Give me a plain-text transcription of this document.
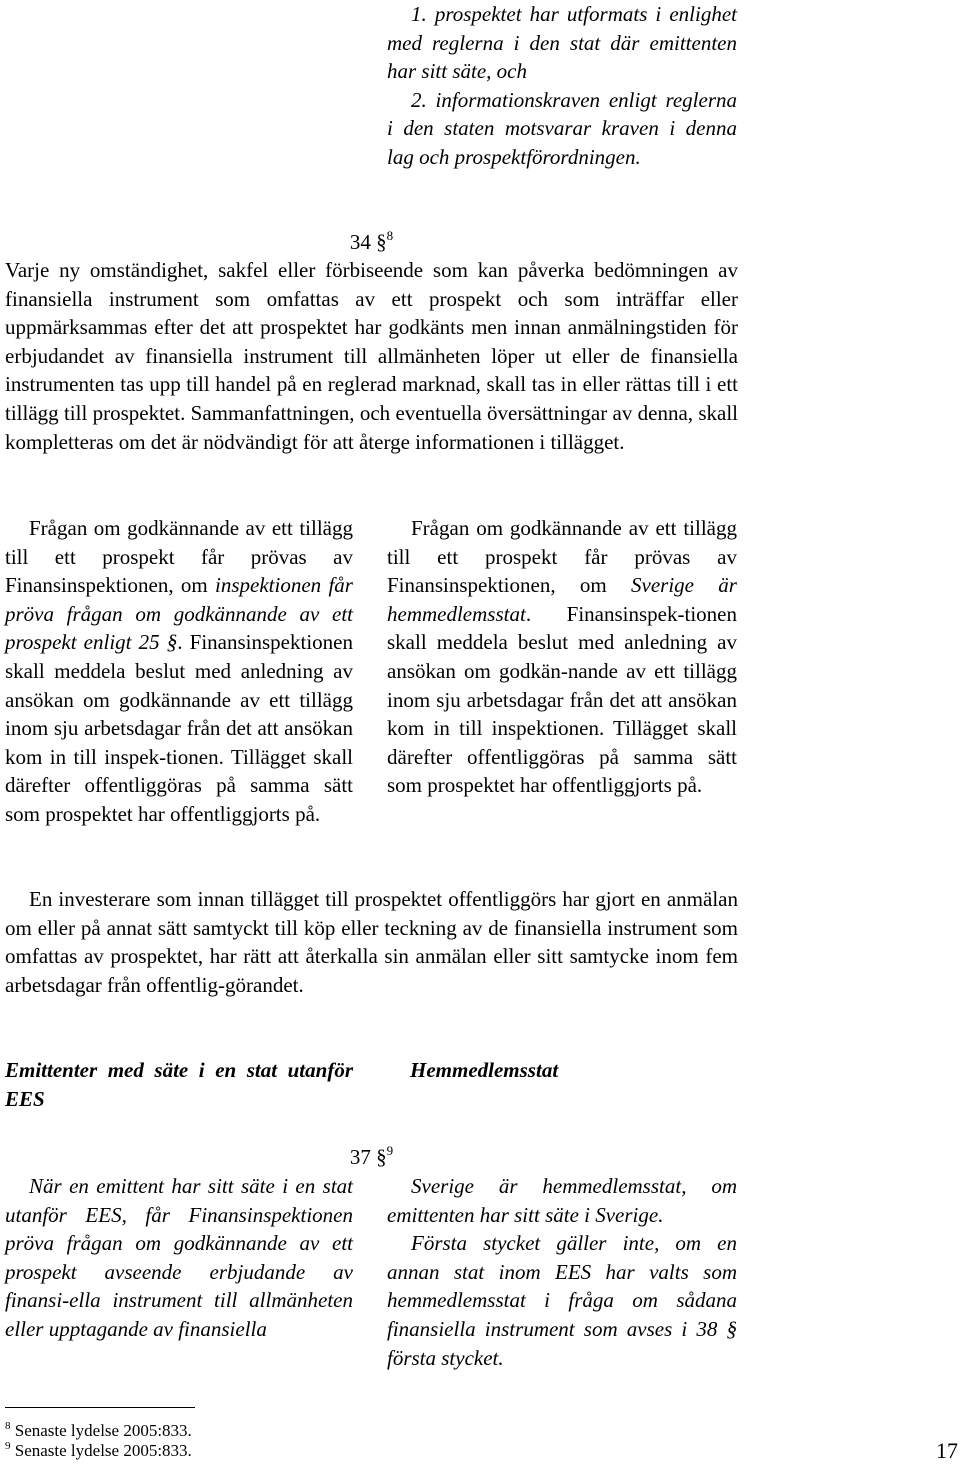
1. prospektet har utformats i enlighet med reglerna i den stat där emittenten har sitt säte, och

2. informationskraven enligt reglerna i den staten motsvarar kraven i denna lag och prospektförordningen.

34 §$^8$

Varje ny omständighet, sakfel eller förbiseende som kan påverka bedömningen av finansiella instrument som omfattas av ett prospekt och som inträffar eller uppmärksammas efter det att prospektet har godkänts men innan anmälningstiden för erbjudandet av finansiella instrument till allmänheten löper ut eller de finansiella instrumenten tas upp till handel på en reglerad marknad, skall tas in eller rättas till i ett tillägg till prospektet. Sammanfattningen, och eventuella översättningar av denna, skall kompletteras om det är nödvändigt för att återge informationen i tillägget.

Frågan om godkännande av ett tillägg till ett prospekt får prövas av Finansinspektionen, om inspektionen får pröva frågan om godkännande av ett prospekt enligt 25 §. Finansinspektionen skall meddela beslut med anledning av ansökan om godkännande av ett tillägg inom sju arbetsdagar från det att ansökan kom in till inspek-tionen. Tillägget skall därefter offentliggöras på samma sätt som prospektet har offentliggjorts på.

Frågan om godkännande av ett tillägg till ett prospekt får prövas av Finansinspektionen, om Sverige är hemmedlemsstat. Finansinspek-tionen skall meddela beslut med anledning av ansökan om godkän-nande av ett tillägg inom sju arbetsdagar från det att ansökan kom in till inspektionen. Tillägget skall därefter offentliggöras på samma sätt som prospektet har offentliggjorts på.

En investerare som innan tillägget till prospektet offentliggörs har gjort en anmälan om eller på annat sätt samtyckt till köp eller teckning av de finansiella instrument som omfattas av prospektet, har rätt att återkalla sin anmälan eller sitt samtycke inom fem arbetsdagar från offentlig-görandet.

Emittenter med säte i en stat utanför EES
Hemmedlemsstat
37 §$^9$

När en emittent har sitt säte i en stat utanför EES, får Finansinspektionen pröva frågan om godkännande av ett prospekt avseende erbjudande av finansi-ella instrument till allmänheten eller upptagande av finansiella

Sverige är hemmedlemsstat, om emittenten har sitt säte i Sverige.

Första stycket gäller inte, om en annan stat inom EES har valts som hemmedlemsstat i fråga om sådana finansiella instrument som avses i 38 § första stycket.

$^8$ Senaste lydelse 2005:833.
$^9$ Senaste lydelse 2005:833.	17
